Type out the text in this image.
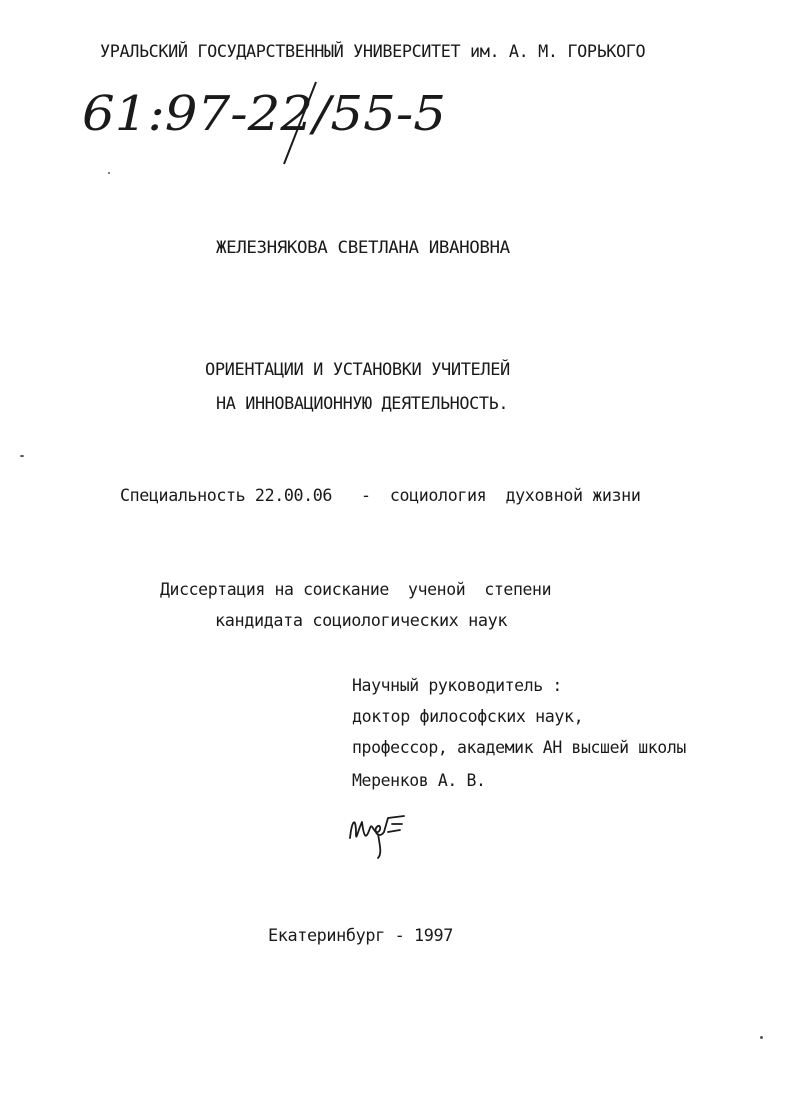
УРАЛЬСКИЙ ГОСУДАРСТВЕННЫЙ УНИВЕРСИТЕТ им. А. М. ГОРЬКОГО
61:97-22/55-5
ЖЕЛЕЗНЯКОВА СВЕТЛАНА ИВАНОВНА
ОРИЕНТАЦИИ И УСТАНОВКИ УЧИТЕЛЕЙ
НА ИННОВАЦИОННУЮ ДЕЯТЕЛЬНОСТЬ.
Специальность 22.00.06   -  социология  духовной жизни
Диссертация на соискание  ученой  степени
кандидата социологических наук
Научный руководитель :
доктор философских наук,
профессор, академик АН высшей школы
Меренков А. В.
Екатеринбург - 1997
